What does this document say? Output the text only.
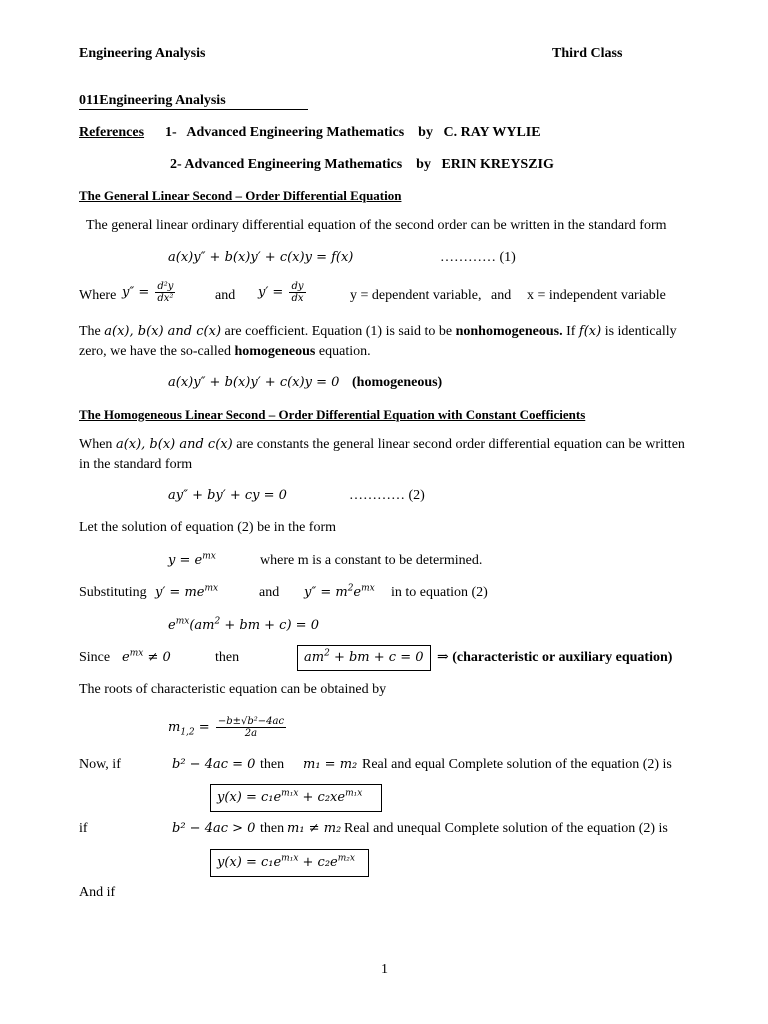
Engineering Analysis	Third Class
011Engineering Analysis
References 1- Advanced Engineering Mathematics by C. RAY WYLIE
2- Advanced Engineering Mathematics by ERIN KREYSZIG
The General Linear Second – Order Differential Equation
The general linear ordinary differential equation of the second order can be written in the standard form
a(x)y″ + b(x)y′ + c(x)y = f(x)	………… (1)
Where $y'' = \frac{\text{d²y}}{\text{dx²}}$	and $y' = \frac{dy}{dx}$	y = dependent variable, and x = independent variable
The a(x), b(x) and c(x) are coefficient. Equation (1) is said to be nonhomogeneous. If f(x) is identically
zero, we have the so-called homogeneous equation.
a(x)y″ + b(x)y′ + c(x)y = 0 (homogeneous)
The Homogeneous Linear Second – Order Differential Equation with Constant Coefficients
When a(x), b(x) and c(x) are constants the general linear second order differential equation can be written
in the standard form
ay″ + by′ + cy = 0	………… (2)
Let the solution of equation (2) be in the form
$y = e^{mx}$	where m is a constant to be determined.
Substituting $y' = me^{mx}$	and $y'' = m^2e^{mx}$ in to equation (2)
$e^{mx}(am^2$ + bm + c) = 0
Since $e^{mx} \ne 0$	then	$am^2$ + bm + c = 0 ⇒ (characteristic or auxiliary equation)
The roots of characteristic equation can be obtained by
$m_{1,2} = \frac{\text{−b±√b²−4ac}}{2a}$
Now, if	b² − 4ac = 0 then m₁ = m₂ Real and equal Complete solution of the equation (2) is
$y(x) = c_1e^{m_1x} + c_2xe^{m_1x}$
if	b² − 4ac > 0 then m₁ ≠ m₂ Real and unequal Complete solution of the equation (2) is
$y(x) = c_1e^{m_1x} + c_2e^{m_2x}$
And if
1
